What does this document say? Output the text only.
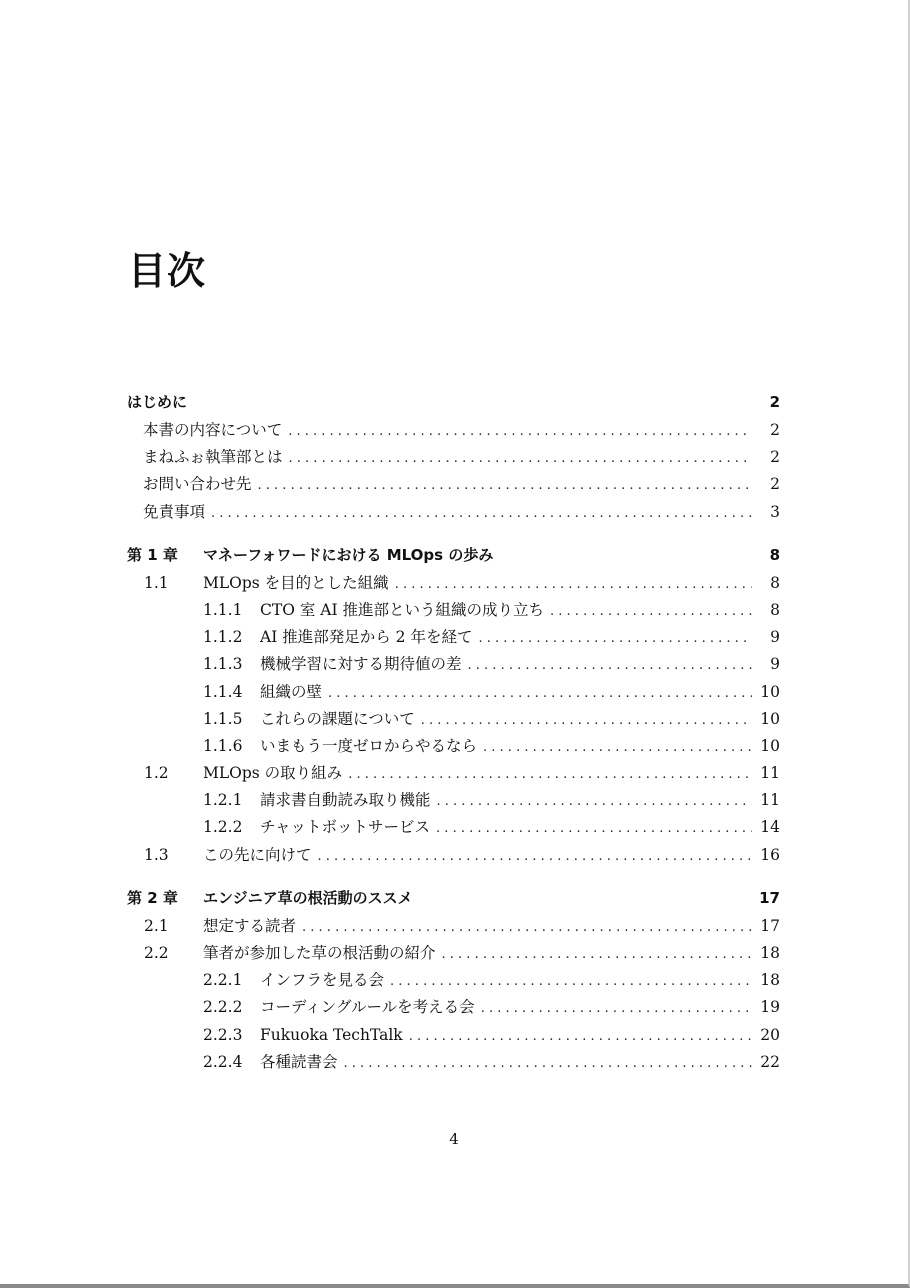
目次
はじめに	2
本書の内容について . . .	2
まねふぉ執筆部とは . . .	2
お問い合わせ先 . . .	2
免責事項 . . .	3
第 1 章	マネーフォワードにおける MLOps の歩み	8
1.1	MLOps を目的とした組織 . . .	8
1.1.1	CTO 室 AI 推進部という組織の成り立ち . . .	8
1.1.2	AI 推進部発足から 2 年を経て . . .	9
1.1.3	機械学習に対する期待値の差 . . .	9
1.1.4	組織の壁 . . .	10
1.1.5	これらの課題について . . .	10
1.1.6	いまもう一度ゼロからやるなら . . .	10
1.2	MLOps の取り組み . . .	11
1.2.1	請求書自動読み取り機能 . . .	11
1.2.2	チャットボットサービス . . .	14
1.3	この先に向けて . . .	16
第 2 章	エンジニア草の根活動のススメ	17
2.1	想定する読者 . . .	17
2.2	筆者が参加した草の根活動の紹介 . . .	18
2.2.1	インフラを見る会 . . .	18
2.2.2	コーディングルールを考える会 . . .	19
2.2.3	Fukuoka TechTalk . . .	20
2.2.4	各種読書会 . . .	22
4
